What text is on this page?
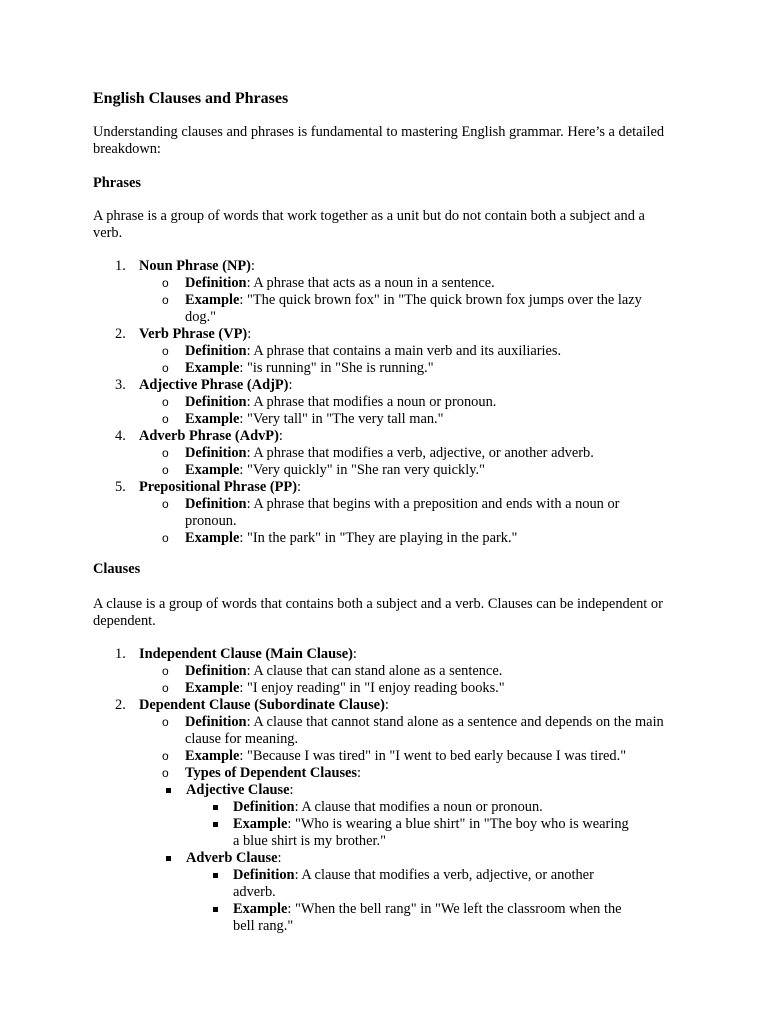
English Clauses and Phrases

Understanding clauses and phrases is fundamental to mastering English grammar. Here’s a detailed breakdown:

Phrases

A phrase is a group of words that work together as a unit but do not contain both a subject and a verb.

1. Noun Phrase (NP):
o Definition: A phrase that acts as a noun in a sentence.
o Example: "The quick brown fox" in "The quick brown fox jumps over the lazy dog."
2. Verb Phrase (VP):
o Definition: A phrase that contains a main verb and its auxiliaries.
o Example: "is running" in "She is running."
3. Adjective Phrase (AdjP):
o Definition: A phrase that modifies a noun or pronoun.
o Example: "Very tall" in "The very tall man."
4. Adverb Phrase (AdvP):
o Definition: A phrase that modifies a verb, adjective, or another adverb.
o Example: "Very quickly" in "She ran very quickly."
5. Prepositional Phrase (PP):
o Definition: A phrase that begins with a preposition and ends with a noun or pronoun.
o Example: "In the park" in "They are playing in the park."

Clauses

A clause is a group of words that contains both a subject and a verb. Clauses can be independent or dependent.

1. Independent Clause (Main Clause):
o Definition: A clause that can stand alone as a sentence.
o Example: "I enjoy reading" in "I enjoy reading books."
2. Dependent Clause (Subordinate Clause):
o Definition: A clause that cannot stand alone as a sentence and depends on the main clause for meaning.
o Example: "Because I was tired" in "I went to bed early because I was tired."
o Types of Dependent Clauses:
Adjective Clause:
Definition: A clause that modifies a noun or pronoun.
Example: "Who is wearing a blue shirt" in "The boy who is wearing a blue shirt is my brother."
Adverb Clause:
Definition: A clause that modifies a verb, adjective, or another adverb.
Example: "When the bell rang" in "We left the classroom when the bell rang."
